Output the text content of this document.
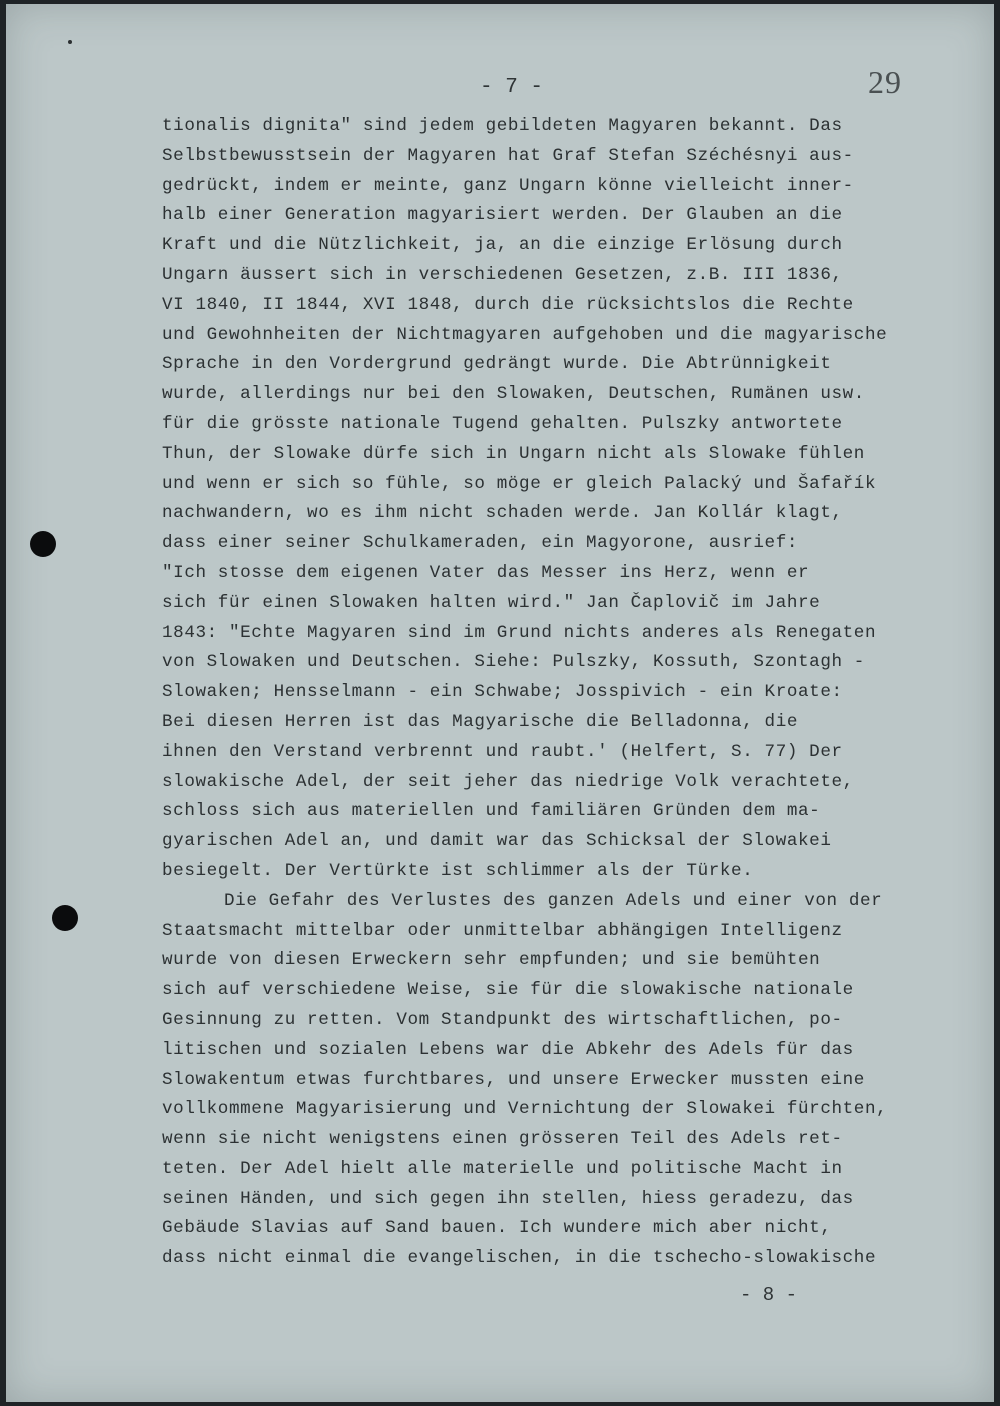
- 7 -	29
tionalis dignita" sind jedem gebildeten Magyaren bekannt. Das
Selbstbewusstsein der Magyaren hat Graf Stefan Széchésnyi aus-
gedrückt, indem er meinte, ganz Ungarn könne vielleicht inner-
halb einer Generation magyarisiert werden. Der Glauben an die
Kraft und die Nützlichkeit, ja, an die einzige Erlösung durch
Ungarn äussert sich in verschiedenen Gesetzen, z.B. III 1836,
VI 1840, II 1844, XVI 1848, durch die rücksichtslos die Rechte
und Gewohnheiten der Nichtmagyaren aufgehoben und die magyarische
Sprache in den Vordergrund gedrängt wurde. Die Abtrünnigkeit
wurde, allerdings nur bei den Slowaken, Deutschen, Rumänen usw.
für die grösste nationale Tugend gehalten. Pulszky antwortete
Thun, der Slowake dürfe sich in Ungarn nicht als Slowake fühlen
und wenn er sich so fühle, so möge er gleich Palacký und Šafařík
nachwandern, wo es ihm nicht schaden werde. Jan Kollár klagt,
dass einer seiner Schulkameraden, ein Magyorone, ausrief:
"Ich stosse dem eigenen Vater das Messer ins Herz, wenn er
sich für einen Slowaken halten wird." Jan Čaplovič im Jahre
1843: "Echte Magyaren sind im Grund nichts anderes als Renegaten
von Slowaken und Deutschen. Siehe: Pulszky, Kossuth, Szontagh -
Slowaken; Hensselmann - ein Schwabe; Josspivich - ein Kroate:
Bei diesen Herren ist das Magyarische die Belladonna, die
ihnen den Verstand verbrennt und raubt.' (Helfert, S. 77) Der
slowakische Adel, der seit jeher das niedrige Volk verachtete,
schloss sich aus materiellen und familiären Gründen dem ma-
gyarischen Adel an, und damit war das Schicksal der Slowakei
besiegelt. Der Vertürkte ist schlimmer als der Türke.
Die Gefahr des Verlustes des ganzen Adels und einer von der
Staatsmacht mittelbar oder unmittelbar abhängigen Intelligenz
wurde von diesen Erweckern sehr empfunden; und sie bemühten
sich auf verschiedene Weise, sie für die slowakische nationale
Gesinnung zu retten. Vom Standpunkt des wirtschaftlichen, po-
litischen und sozialen Lebens war die Abkehr des Adels für das
Slowakentum etwas furchtbares, und unsere Erwecker mussten eine
vollkommene Magyarisierung und Vernichtung der Slowakei fürchten,
wenn sie nicht wenigstens einen grösseren Teil des Adels ret-
teten. Der Adel hielt alle materielle und politische Macht in
seinen Händen, und sich gegen ihn stellen, hiess geradezu, das
Gebäude Slavias auf Sand bauen. Ich wundere mich aber nicht,
dass nicht einmal die evangelischen, in die tschecho-slowakische
- 8 -
